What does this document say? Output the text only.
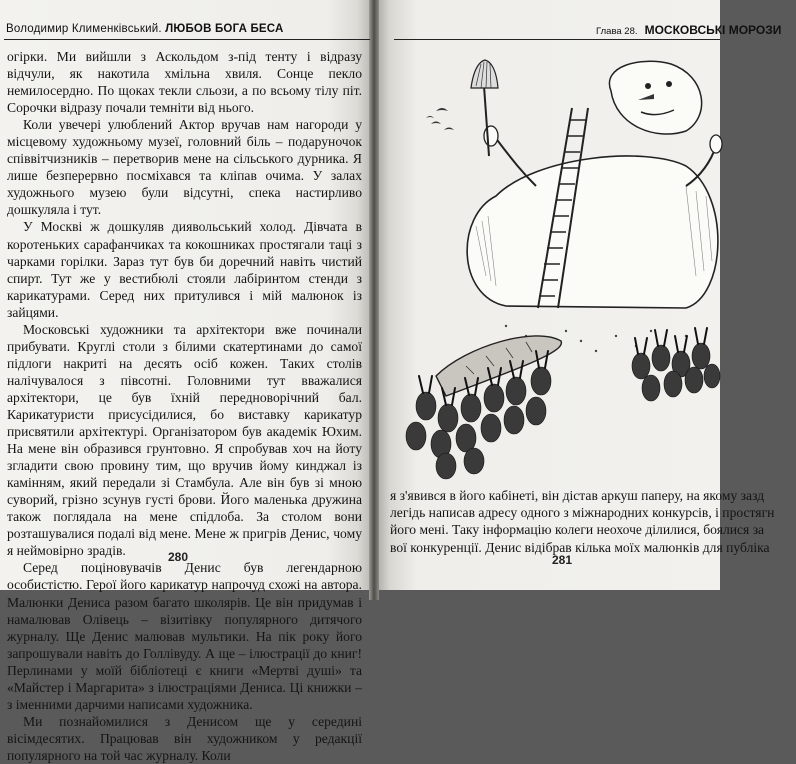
Володимир Клименківський. ЛЮБОВ БОГА БЕСА	Глава 28. МОСКОВСЬКІ МОРОЗИ

огірки. Ми вийшли з Аскольдом з-під тенту і відразу відчули, як накотила хмільна хвиля. Сонце пекло немилосердно. По щоках текли сльози, а по всьому тілу піт. Сорочки відразу почали темніти від нього.

Коли увечері улюблений Актор вручав нам нагороди у місцевому художньому музеї, головний біль – подаруночок співвітчизників – перетворив мене на сільського дурника. Я лише безперервно посміхався та кліпав очима. У залах художнього музею були відсутні, спека настирливо дошкуляла і тут.

У Москві ж дошкуляв диявольський холод. Дівчата в коротеньких сарафанчиках та кокошниках простягали таці з чарками горілки. Зараз тут був би доречний навіть чистий спирт. Тут же у вестибюлі стояли лабіринтом стенди з карикатурами. Серед них притулився і мій малюнок із зайцями.

Московські художники та архітектори вже починали прибувати. Круглі столи з білими скатертинами до самої підлоги накриті на десять осіб кожен. Таких столів налічувалося з півсотні. Головними тут вважалися архітектори, це був їхній передноворічний бал. Карикатуристи присусідилися, бо виставку карикатур присвятили архітектурі. Організатором був академік Юхим. На мене він образився грунтовно. Я спробував хоч на йоту згладити свою провину тим, що вручив йому кинджал із камінням, який передали зі Стамбула. Але він був зі мною суворий, грізно зсунув густі брови. Його маленька дружина також поглядала на мене спідлоба. За столом вони розташувалися подалі від мене. Мене ж пригрів Денис, чому я неймовірно зрадів.

Серед поціновувачів Денис був легендарною особистістю. Герої його карикатур напрочуд схожі на автора. Малюнки Дениса разом багато школярів. Це він придумав і намалював Олівець – візитівку популярного дитячого журналу. Ще Денис малював мультики. На пік року його запрошували навіть до Голлівуду. А ще – ілюстрації до книг! Перлинами у моїй бібліотеці є книги «Мертві душі» та «Майстер і Маргарита» з ілюстраціями Дениса. Ці книжки – з іменними дарчими написами художника.

Ми познайомилися з Денисом ще у середині вісімдесятих. Працював він художником у редакції популярного на той час журналу. Коли

280
я з'явився в його кабінеті, він дістав аркуш паперу, на якому зазд
легідь написав адресу одного з міжнародних конкурсів, і простягн
його мені. Таку інформацію колеги неохоче ділилися, боялися за
вої конкуренції. Денис відібрав кілька моїх малюнків для публіка
281
